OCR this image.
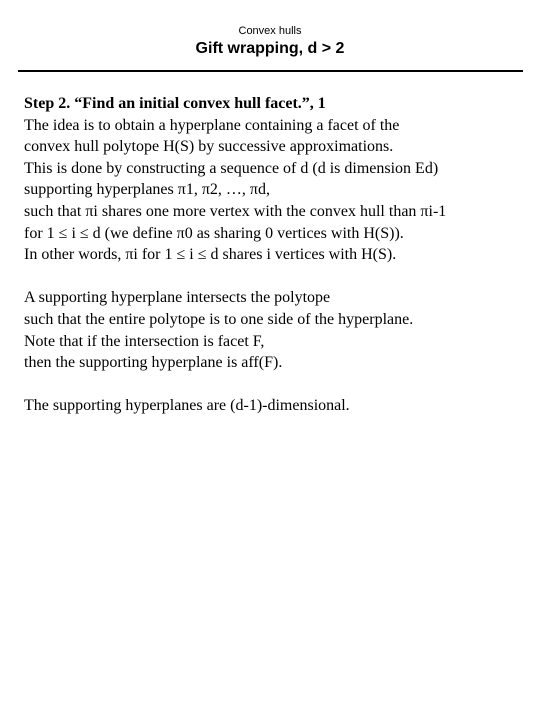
Convex hulls
Gift wrapping, d > 2
Step 2. “Find an initial convex hull facet.”, 1
The idea is to obtain a hyperplane containing a facet of the
convex hull polytope H(S) by successive approximations.
This is done by constructing a sequence of d (d is dimension Ed)
supporting hyperplanes π1, π2, …, πd,
such that πi shares one more vertex with the convex hull than πi-1
for 1 ≤ i ≤ d (we define π0 as sharing 0 vertices with H(S)).
In other words, πi for 1 ≤ i ≤ d shares i vertices with H(S).
A supporting hyperplane intersects the polytope
such that the entire polytope is to one side of the hyperplane.
Note that if the intersection is facet F,
then the supporting hyperplane is aff(F).
The supporting hyperplanes are (d-1)-dimensional.
